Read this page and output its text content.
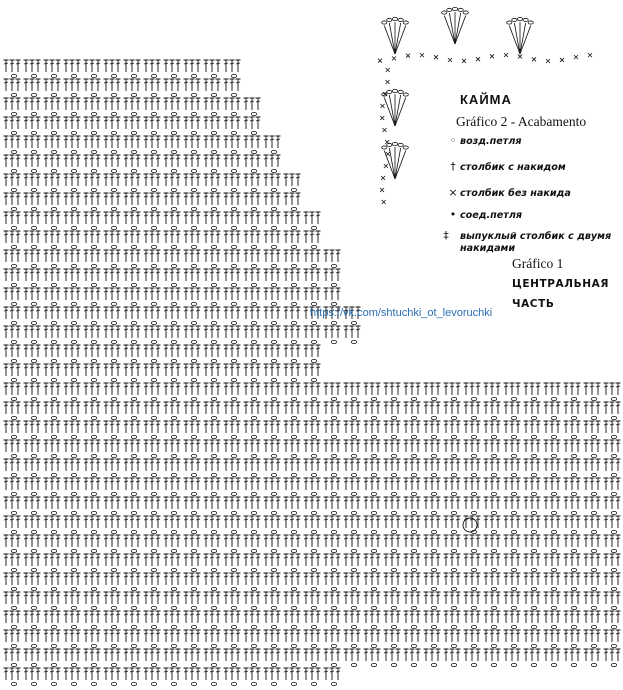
КАЙМА
Gráfico 2 - Acabamento
◦ возд.петля
† столбик с накидом
× столбик без накида
• соед.петля
‡ выпуклый столбик с двумя накидами
Gráfico 1
ЦЕНТРАЛЬНАЯ ЧАСТЬ
https://vk.com/shtuchki_ot_levoruchki
